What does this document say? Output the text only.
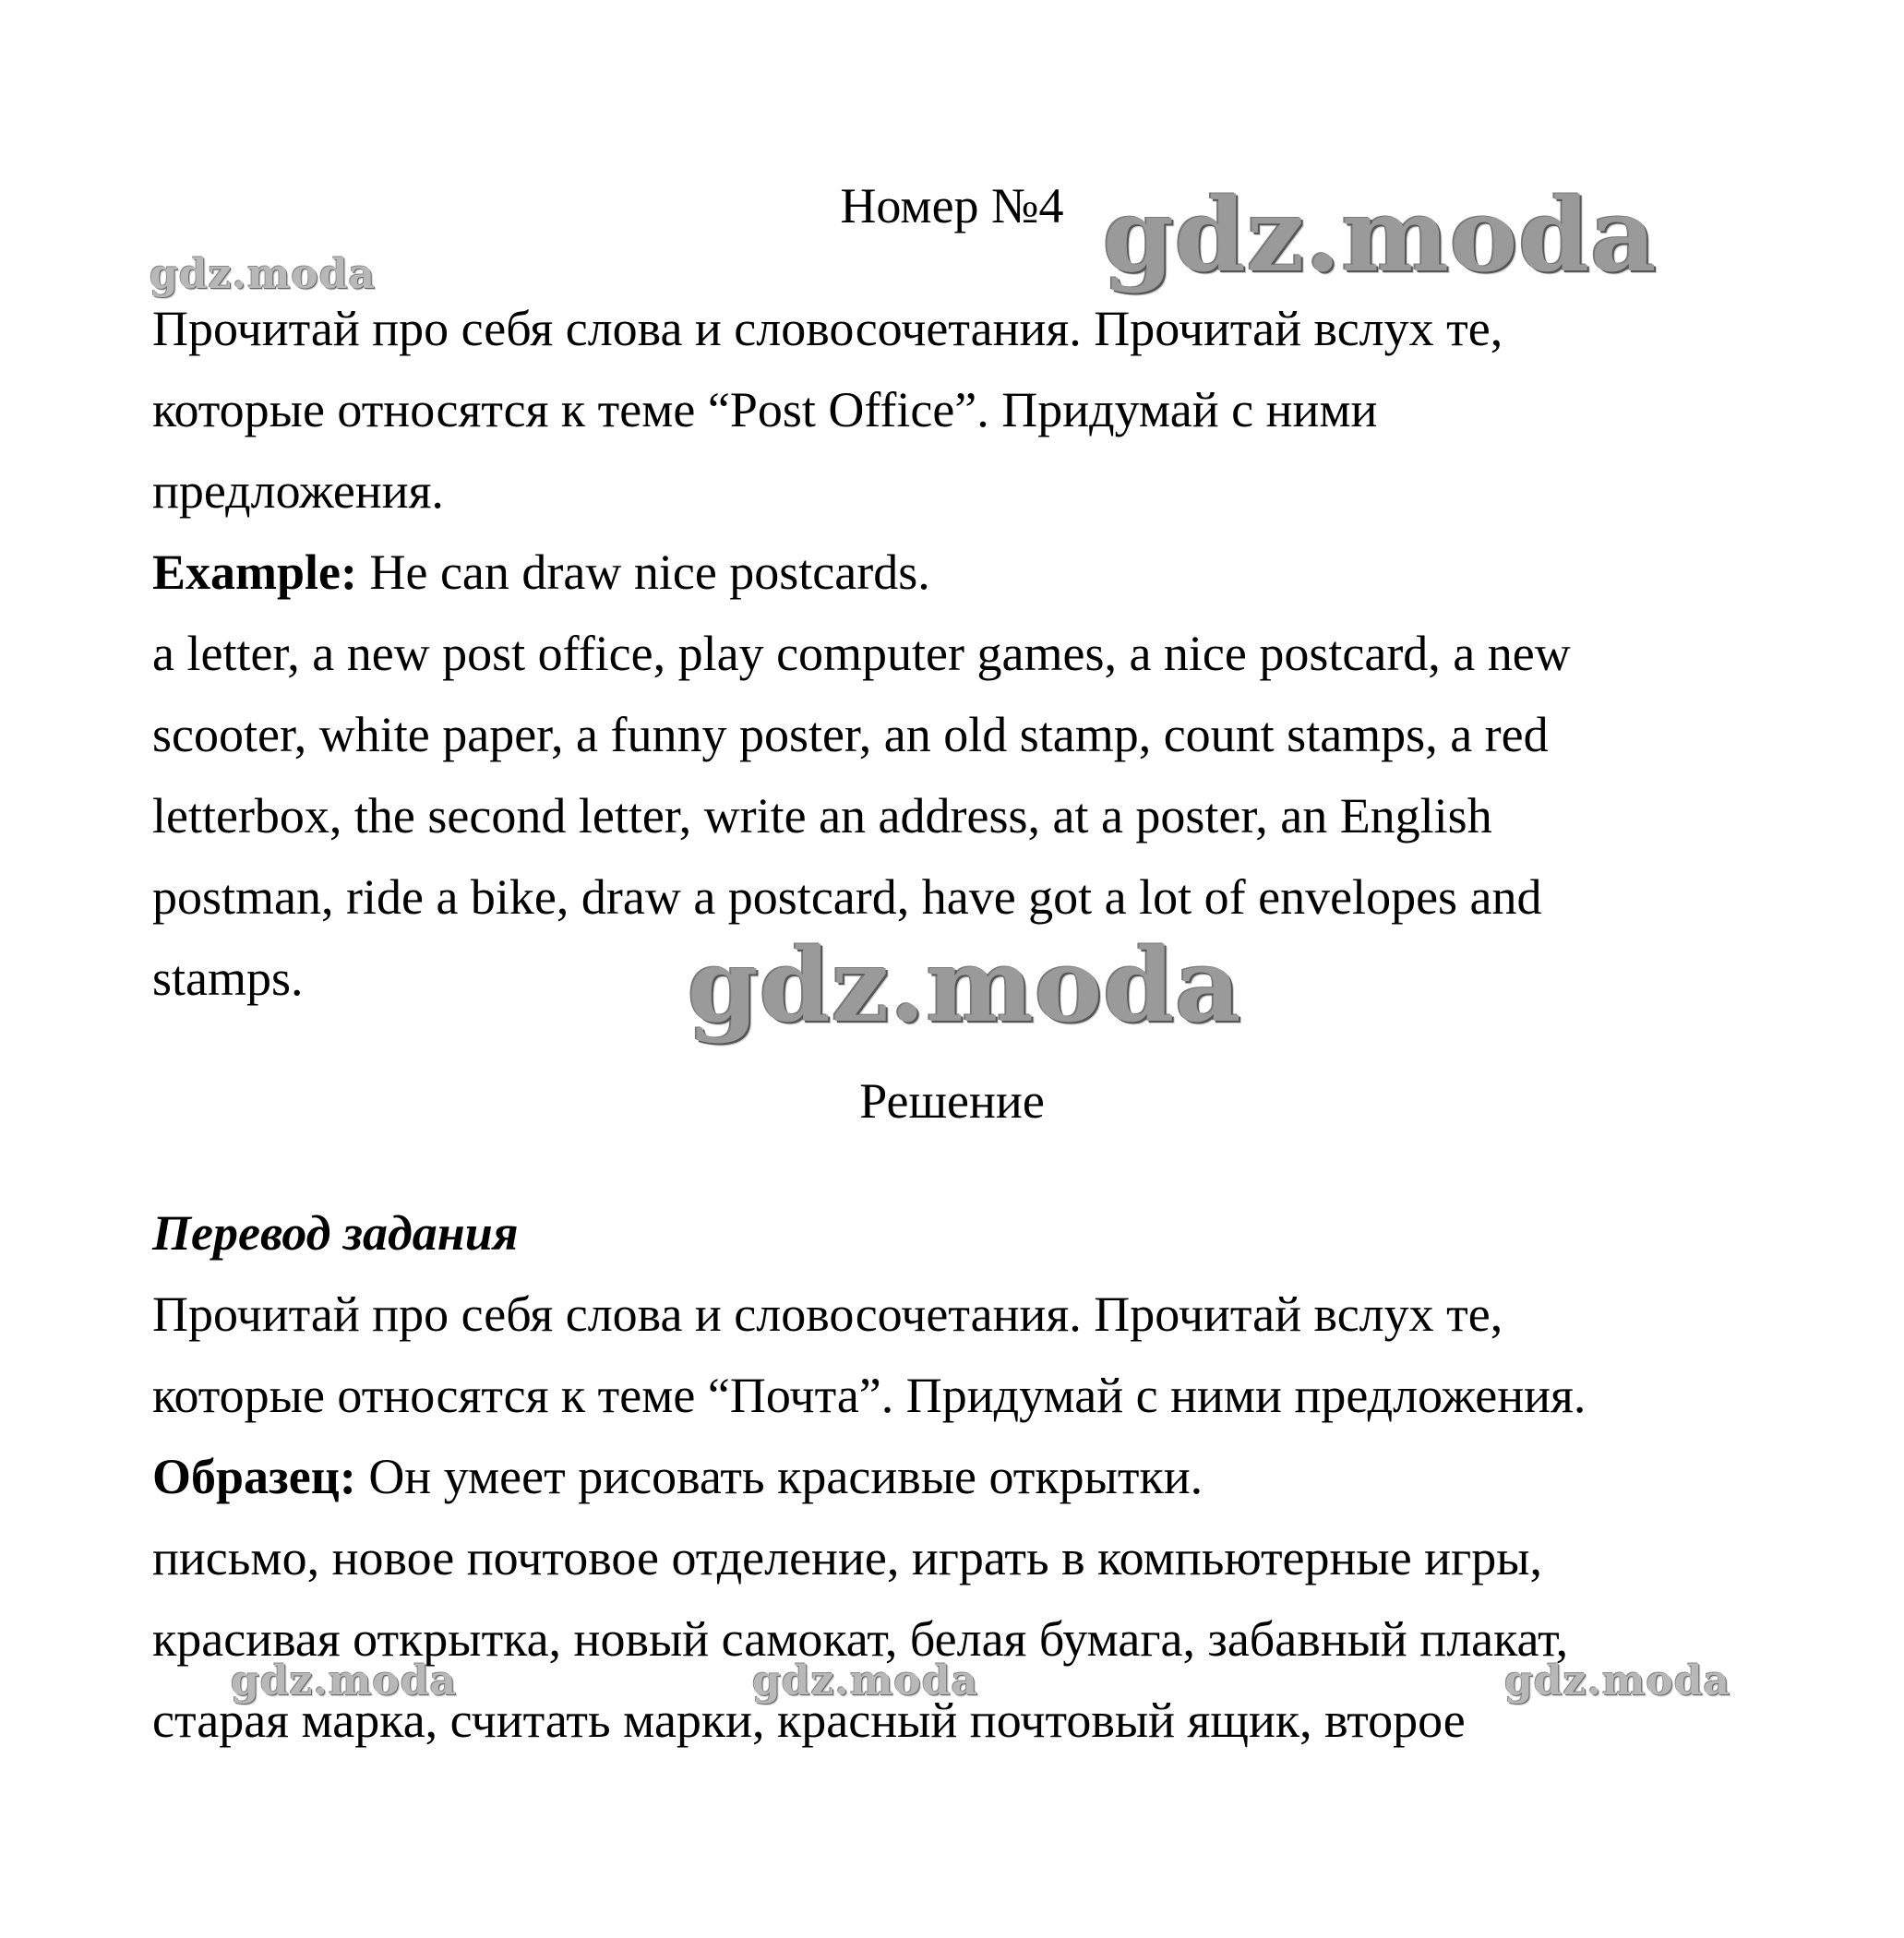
Номер №4
Прочитай про себя слова и словосочетания. Прочитай вслух те,
которые относятся к теме “Post Office”. Придумай с ними
предложения.
Example: He can draw nice postcards.
a letter, a new post office, play computer games, a nice postcard, a new
scooter, white paper, a funny poster, an old stamp, count stamps, a red
letterbox, the second letter, write an address, at a poster, an English
postman, ride a bike, draw a postcard, have got a lot of envelopes and
stamps.
Решение
Перевод задания
Прочитай про себя слова и словосочетания. Прочитай вслух те,
которые относятся к теме “Почта”. Придумай с ними предложения.
Образец: Он умеет рисовать красивые открытки.
письмо, новое почтовое отделение, играть в компьютерные игры,
красивая открытка, новый самокат, белая бумага, забавный плакат,
старая марка, считать марки, красный почтовый ящик, второе
gdz.moda	gdz.moda
gdz.moda
gdz.moda	gdz.moda	gdz.moda
